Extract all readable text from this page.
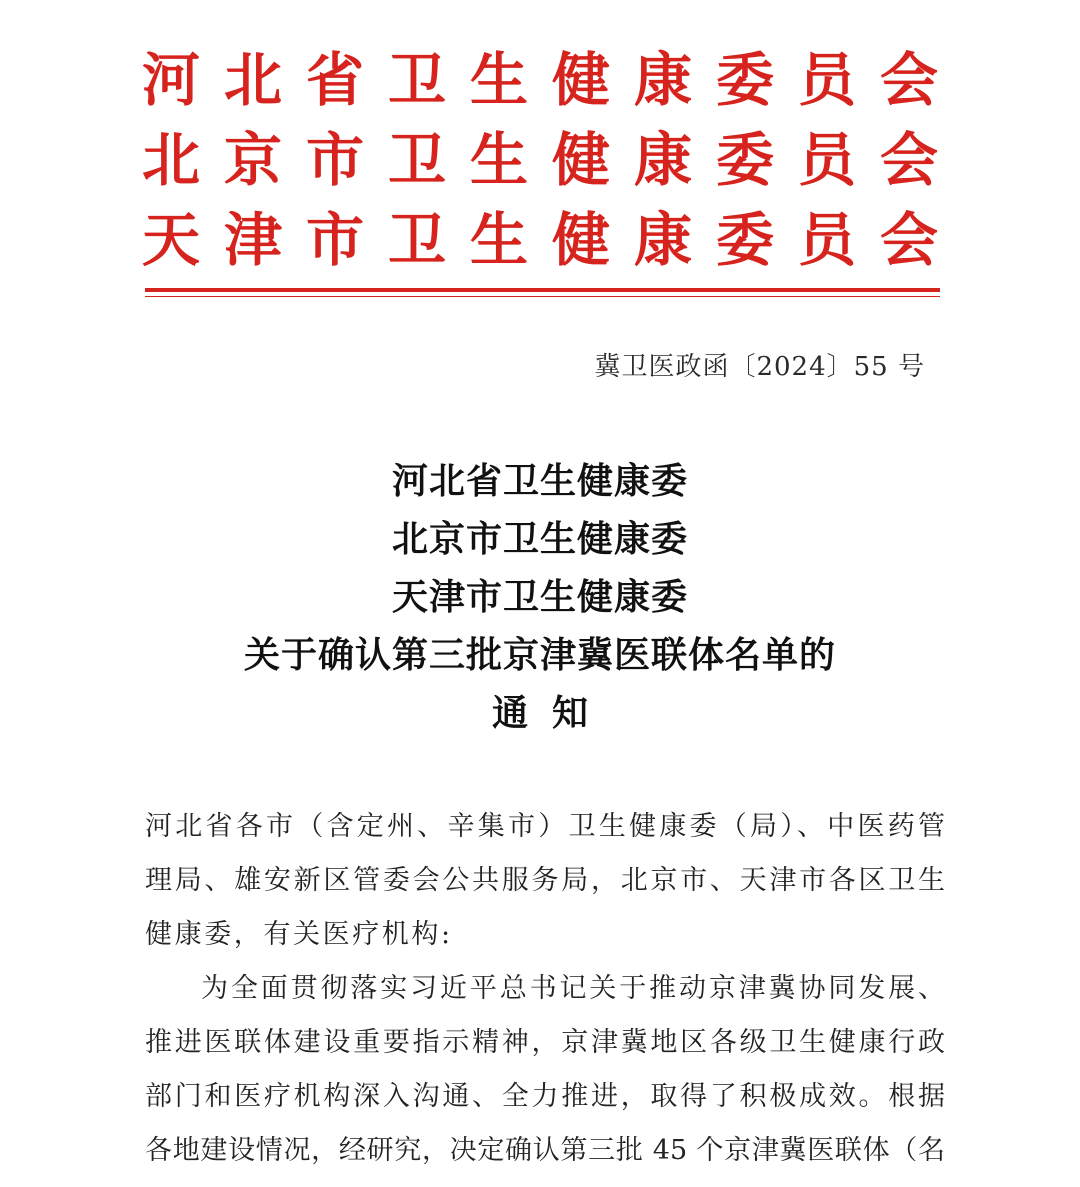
河 北 省 卫 生 健 康 委 员 会
北 京 市 卫 生 健 康 委 员 会
天 津 市 卫 生 健 康 委 员 会
冀卫医政函〔2024〕55 号
河北省卫生健康委
北京市卫生健康委
天津市卫生健康委
关于确认第三批京津冀医联体名单的
通知
河北省各市（含定州、辛集市）卫生健康委（局）、中医药管
理局、雄安新区管委会公共服务局，北京市、天津市各区卫生
健康委，有关医疗机构:
为全面贯彻落实习近平总书记关于推动京津冀协同发展、
推进医联体建设重要指示精神，京津冀地区各级卫生健康行政
部门和医疗机构深入沟通、全力推进，取得了积极成效。根据
各地建设情况，经研究，决定确认第三批 45 个京津冀医联体（名
